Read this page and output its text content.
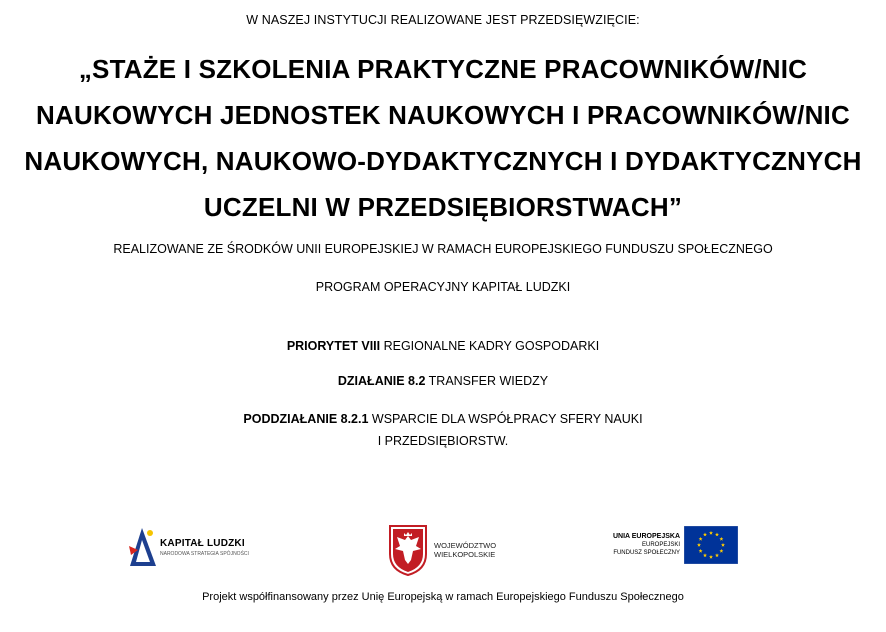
W NASZEJ INSTYTUCJI REALIZOWANE JEST PRZEDSIĘWZIĘCIE:
„STAŻE I SZKOLENIA PRAKTYCZNE PRACOWNIKÓW/NIC
NAUKOWYCH JEDNOSTEK NAUKOWYCH I PRACOWNIKÓW/NIC
NAUKOWYCH, NAUKOWO-DYDAKTYCZNYCH I DYDAKTYCZNYCH
UCZELNI W PRZEDSIĘBIORSTWACH”
REALIZOWANE ZE ŚRODKÓW UNII EUROPEJSKIEJ W RAMACH EUROPEJSKIEGO FUNDUSZU SPOŁECZNEGO
PROGRAM OPERACYJNY KAPITAŁ LUDZKI
PRIORYTET VIII REGIONALNE KADRY GOSPODARKI
DZIAŁANIE 8.2 TRANSFER WIEDZY
PODDZIAŁANIE 8.2.1 WSPARCIE DLA WSPÓŁPRACY SFERY NAUKI
I PRZEDSIĘBIORSTW.
KAPITAŁ LUDZKI
NARODOWA STRATEGIA SPÓJNOŚCI
WOJEWÓDZTWO
WIELKOPOLSKIE
UNIA EUROPEJSKA
EUROPEJSKI
FUNDUSZ SPOŁECZNY
Projekt współfinansowany przez Unię Europejską w ramach Europejskiego Funduszu Społecznego
